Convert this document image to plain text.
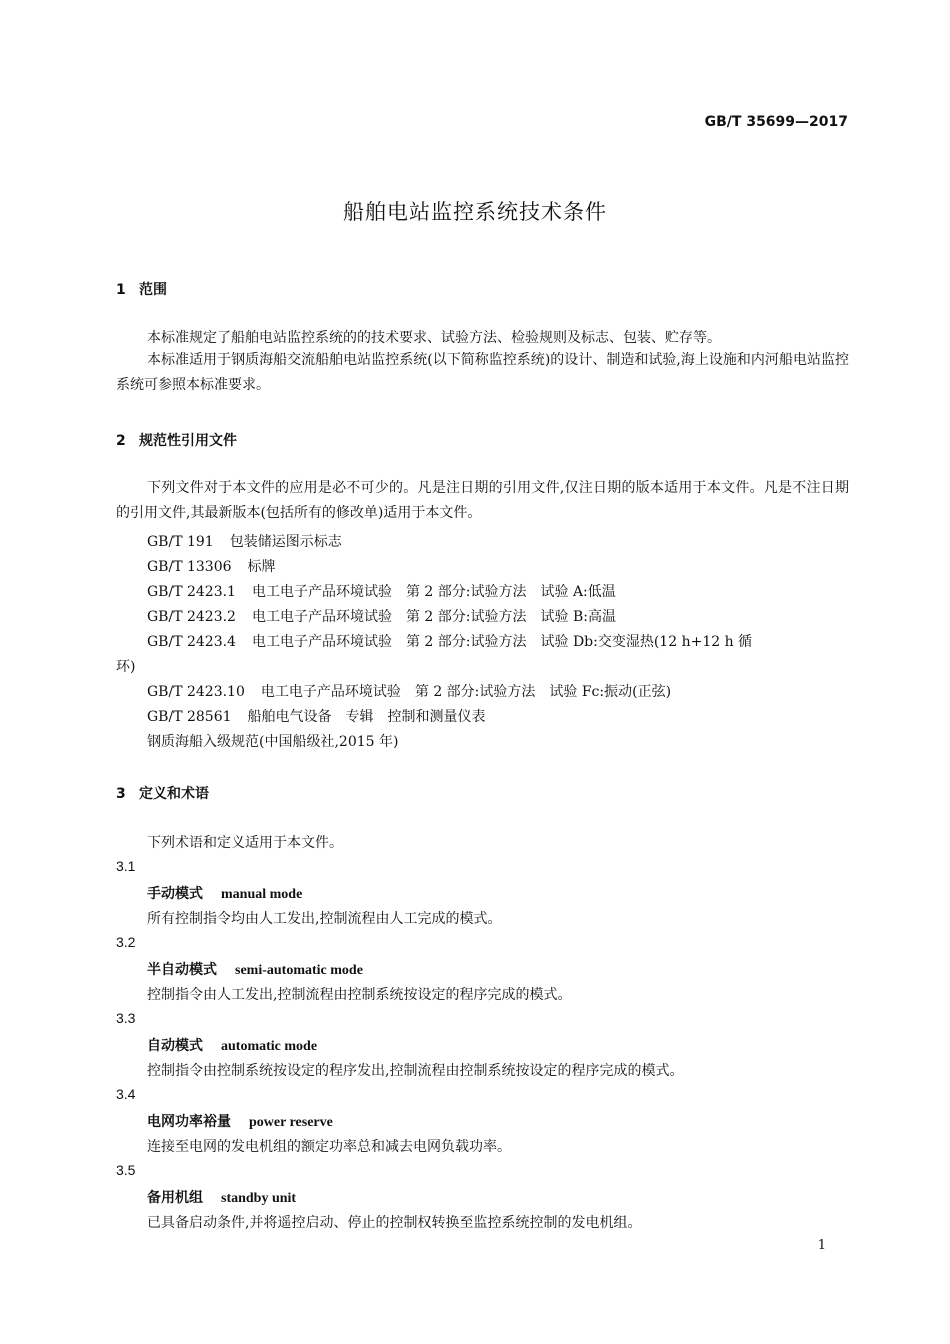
GB/T 35699—2017
船舶电站监控系统技术条件
1 范围
本标准规定了船舶电站监控系统的的技术要求、试验方法、检验规则及标志、包装、贮存等。
本标准适用于钢质海船交流船舶电站监控系统(以下简称监控系统)的设计、制造和试验,海上设施和内河船电站监控系统可参照本标准要求。
2 规范性引用文件
下列文件对于本文件的应用是必不可少的。凡是注日期的引用文件,仅注日期的版本适用于本文件。凡是不注日期的引用文件,其最新版本(包括所有的修改单)适用于本文件。
GB/T 191 包装储运图示标志
GB/T 13306 标牌
GB/T 2423.1 电工电子产品环境试验　第 2 部分:试验方法　试验 A:低温
GB/T 2423.2 电工电子产品环境试验　第 2 部分:试验方法　试验 B:高温
GB/T 2423.4 电工电子产品环境试验　第 2 部分:试验方法　试验 Db:交变湿热(12 h+12 h 循
环)
GB/T 2423.10 电工电子产品环境试验　第 2 部分:试验方法　试验 Fc:振动(正弦)
GB/T 28561 船舶电气设备　专辑　控制和测量仪表
钢质海船入级规范(中国船级社,2015 年)
3 定义和术语
下列术语和定义适用于本文件。
3.1
手动模式 manual mode
所有控制指令均由人工发出,控制流程由人工完成的模式。
3.2
半自动模式 semi-automatic mode
控制指令由人工发出,控制流程由控制系统按设定的程序完成的模式。
3.3
自动模式 automatic mode
控制指令由控制系统按设定的程序发出,控制流程由控制系统按设定的程序完成的模式。
3.4
电网功率裕量 power reserve
连接至电网的发电机组的额定功率总和减去电网负载功率。
3.5
备用机组 standby unit
已具备启动条件,并将遥控启动、停止的控制权转换至监控系统控制的发电机组。
1
